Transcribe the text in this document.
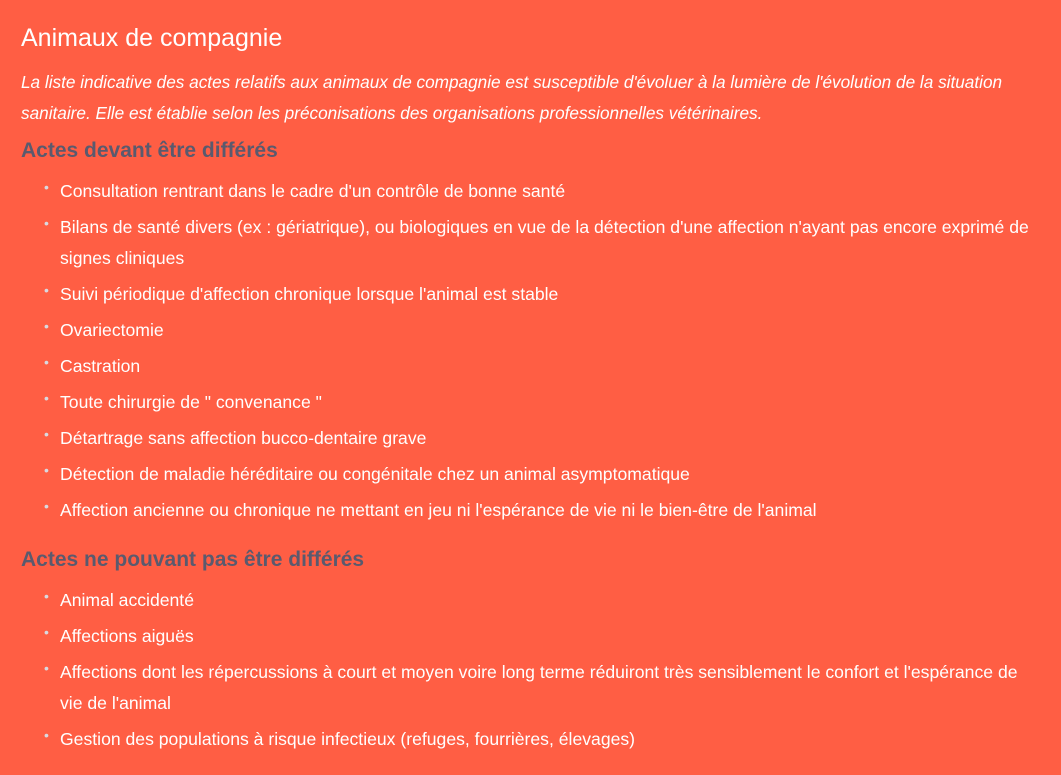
Animaux de compagnie

La liste indicative des actes relatifs aux animaux de compagnie est susceptible d'évoluer à la lumière de l'évolution de la situation sanitaire. Elle est établie selon les préconisations des organisations professionnelles vétérinaires.

Actes devant être différés
• Consultation rentrant dans le cadre d'un contrôle de bonne santé
• Bilans de santé divers (ex : gériatrique), ou biologiques en vue de la détection d'une affection n'ayant pas encore exprimé de signes cliniques
• Suivi périodique d'affection chronique lorsque l'animal est stable
• Ovariectomie
• Castration
• Toute chirurgie de " convenance "
• Détartrage sans affection bucco-dentaire grave
• Détection de maladie héréditaire ou congénitale chez un animal asymptomatique
• Affection ancienne ou chronique ne mettant en jeu ni l'espérance de vie ni le bien-être de l'animal
Actes ne pouvant pas être différés
• Animal accidenté
• Affections aiguës
• Affections dont les répercussions à court et moyen voire long terme réduiront très sensiblement le confort et l'espérance de vie de l'animal
• Gestion des populations à risque infectieux (refuges, fourrières, élevages)
